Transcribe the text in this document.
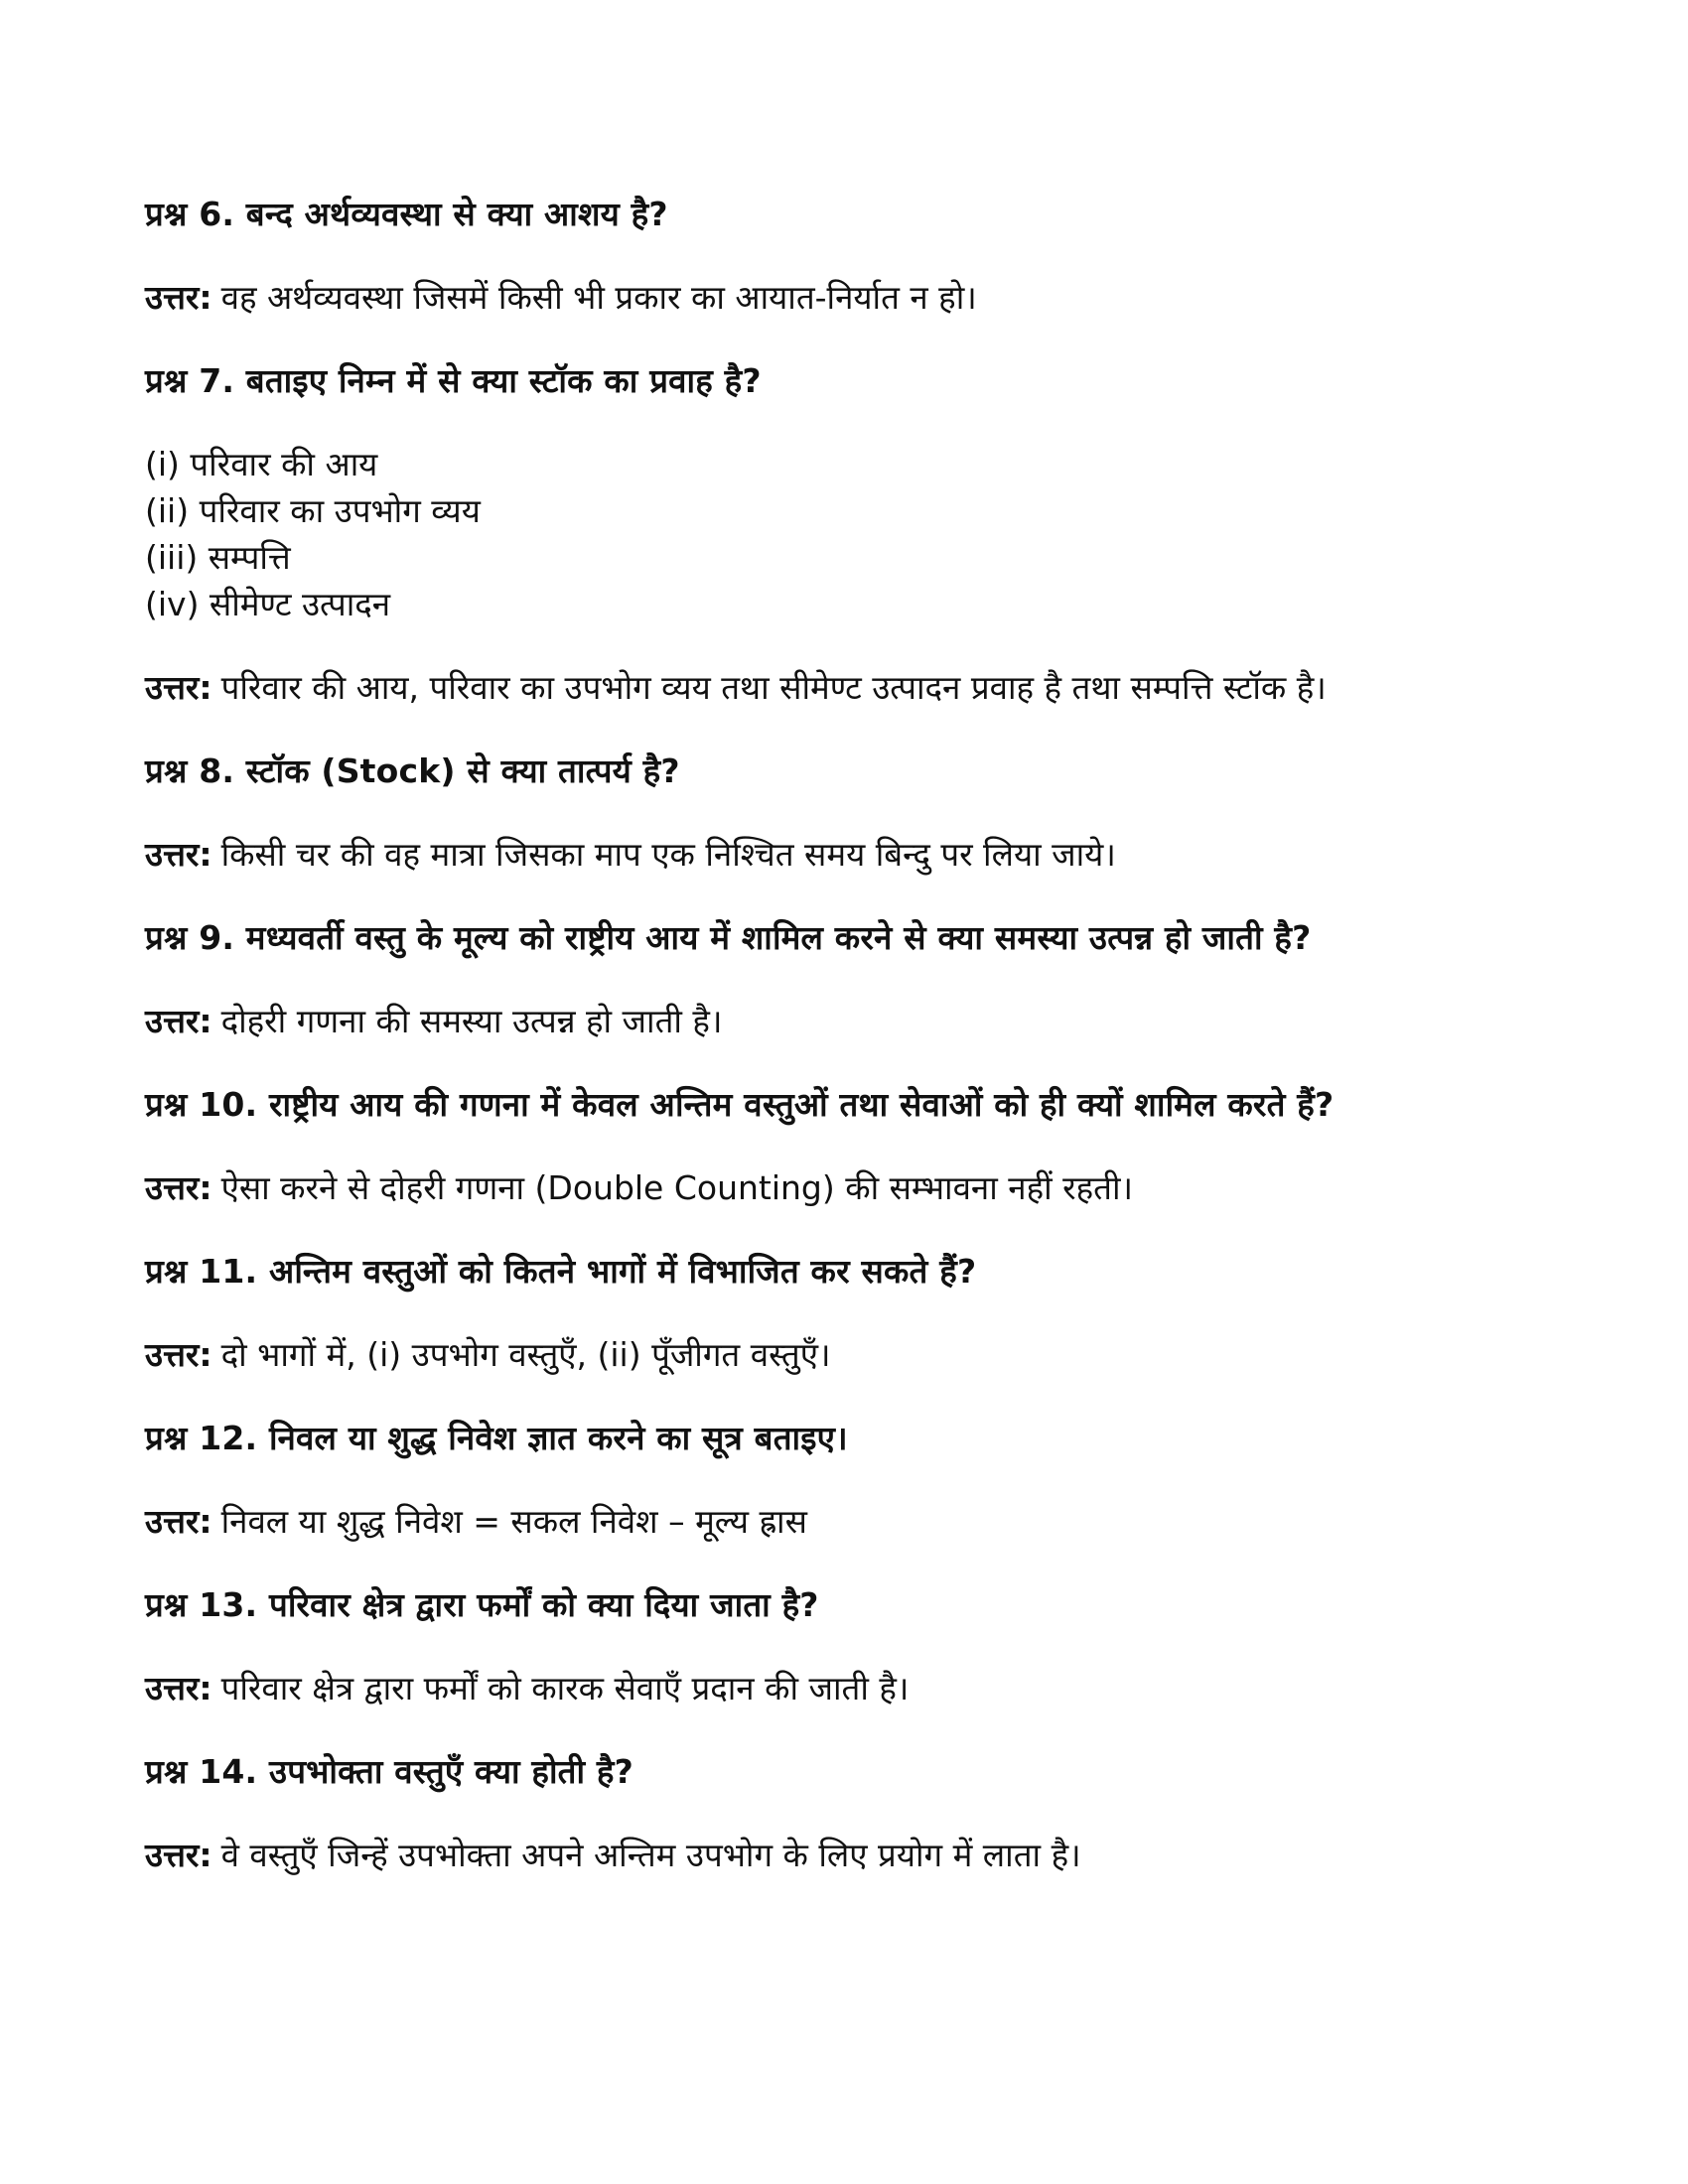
प्रश्न 6. बन्द अर्थव्यवस्था से क्या आशय है?

उत्तर: वह अर्थव्यवस्था जिसमें किसी भी प्रकार का आयात-निर्यात न हो।

प्रश्न 7. बताइए निम्न में से क्या स्टॉक का प्रवाह है?

(i) परिवार की आय

(ii) परिवार का उपभोग व्यय

(iii) सम्पत्ति

(iv) सीमेण्ट उत्पादन

उत्तर: परिवार की आय, परिवार का उपभोग व्यय तथा सीमेण्ट उत्पादन प्रवाह है तथा सम्पत्ति स्टॉक है।

प्रश्न 8. स्टॉक (Stock) से क्या तात्पर्य है?

उत्तर: किसी चर की वह मात्रा जिसका माप एक निश्चित समय बिन्दु पर लिया जाये।

प्रश्न 9. मध्यवर्ती वस्तु के मूल्य को राष्ट्रीय आय में शामिल करने से क्या समस्या उत्पन्न हो जाती है?

उत्तर: दोहरी गणना की समस्या उत्पन्न हो जाती है।

प्रश्न 10. राष्ट्रीय आय की गणना में केवल अन्तिम वस्तुओं तथा सेवाओं को ही क्यों शामिल करते हैं?

उत्तर: ऐसा करने से दोहरी गणना (Double Counting) की सम्भावना नहीं रहती।

प्रश्न 11. अन्तिम वस्तुओं को कितने भागों में विभाजित कर सकते हैं?

उत्तर: दो भागों में, (i) उपभोग वस्तुएँ, (ii) पूँजीगत वस्तुएँ।

प्रश्न 12. निवल या शुद्ध निवेश ज्ञात करने का सूत्र बताइए।

उत्तर: निवल या शुद्ध निवेश = सकल निवेश – मूल्य ह्रास

प्रश्न 13. परिवार क्षेत्र द्वारा फर्मों को क्या दिया जाता है?

उत्तर: परिवार क्षेत्र द्वारा फर्मों को कारक सेवाएँ प्रदान की जाती है।

प्रश्न 14. उपभोक्ता वस्तुएँ क्या होती है?

उत्तर: वे वस्तुएँ जिन्हें उपभोक्ता अपने अन्तिम उपभोग के लिए प्रयोग में लाता है।
